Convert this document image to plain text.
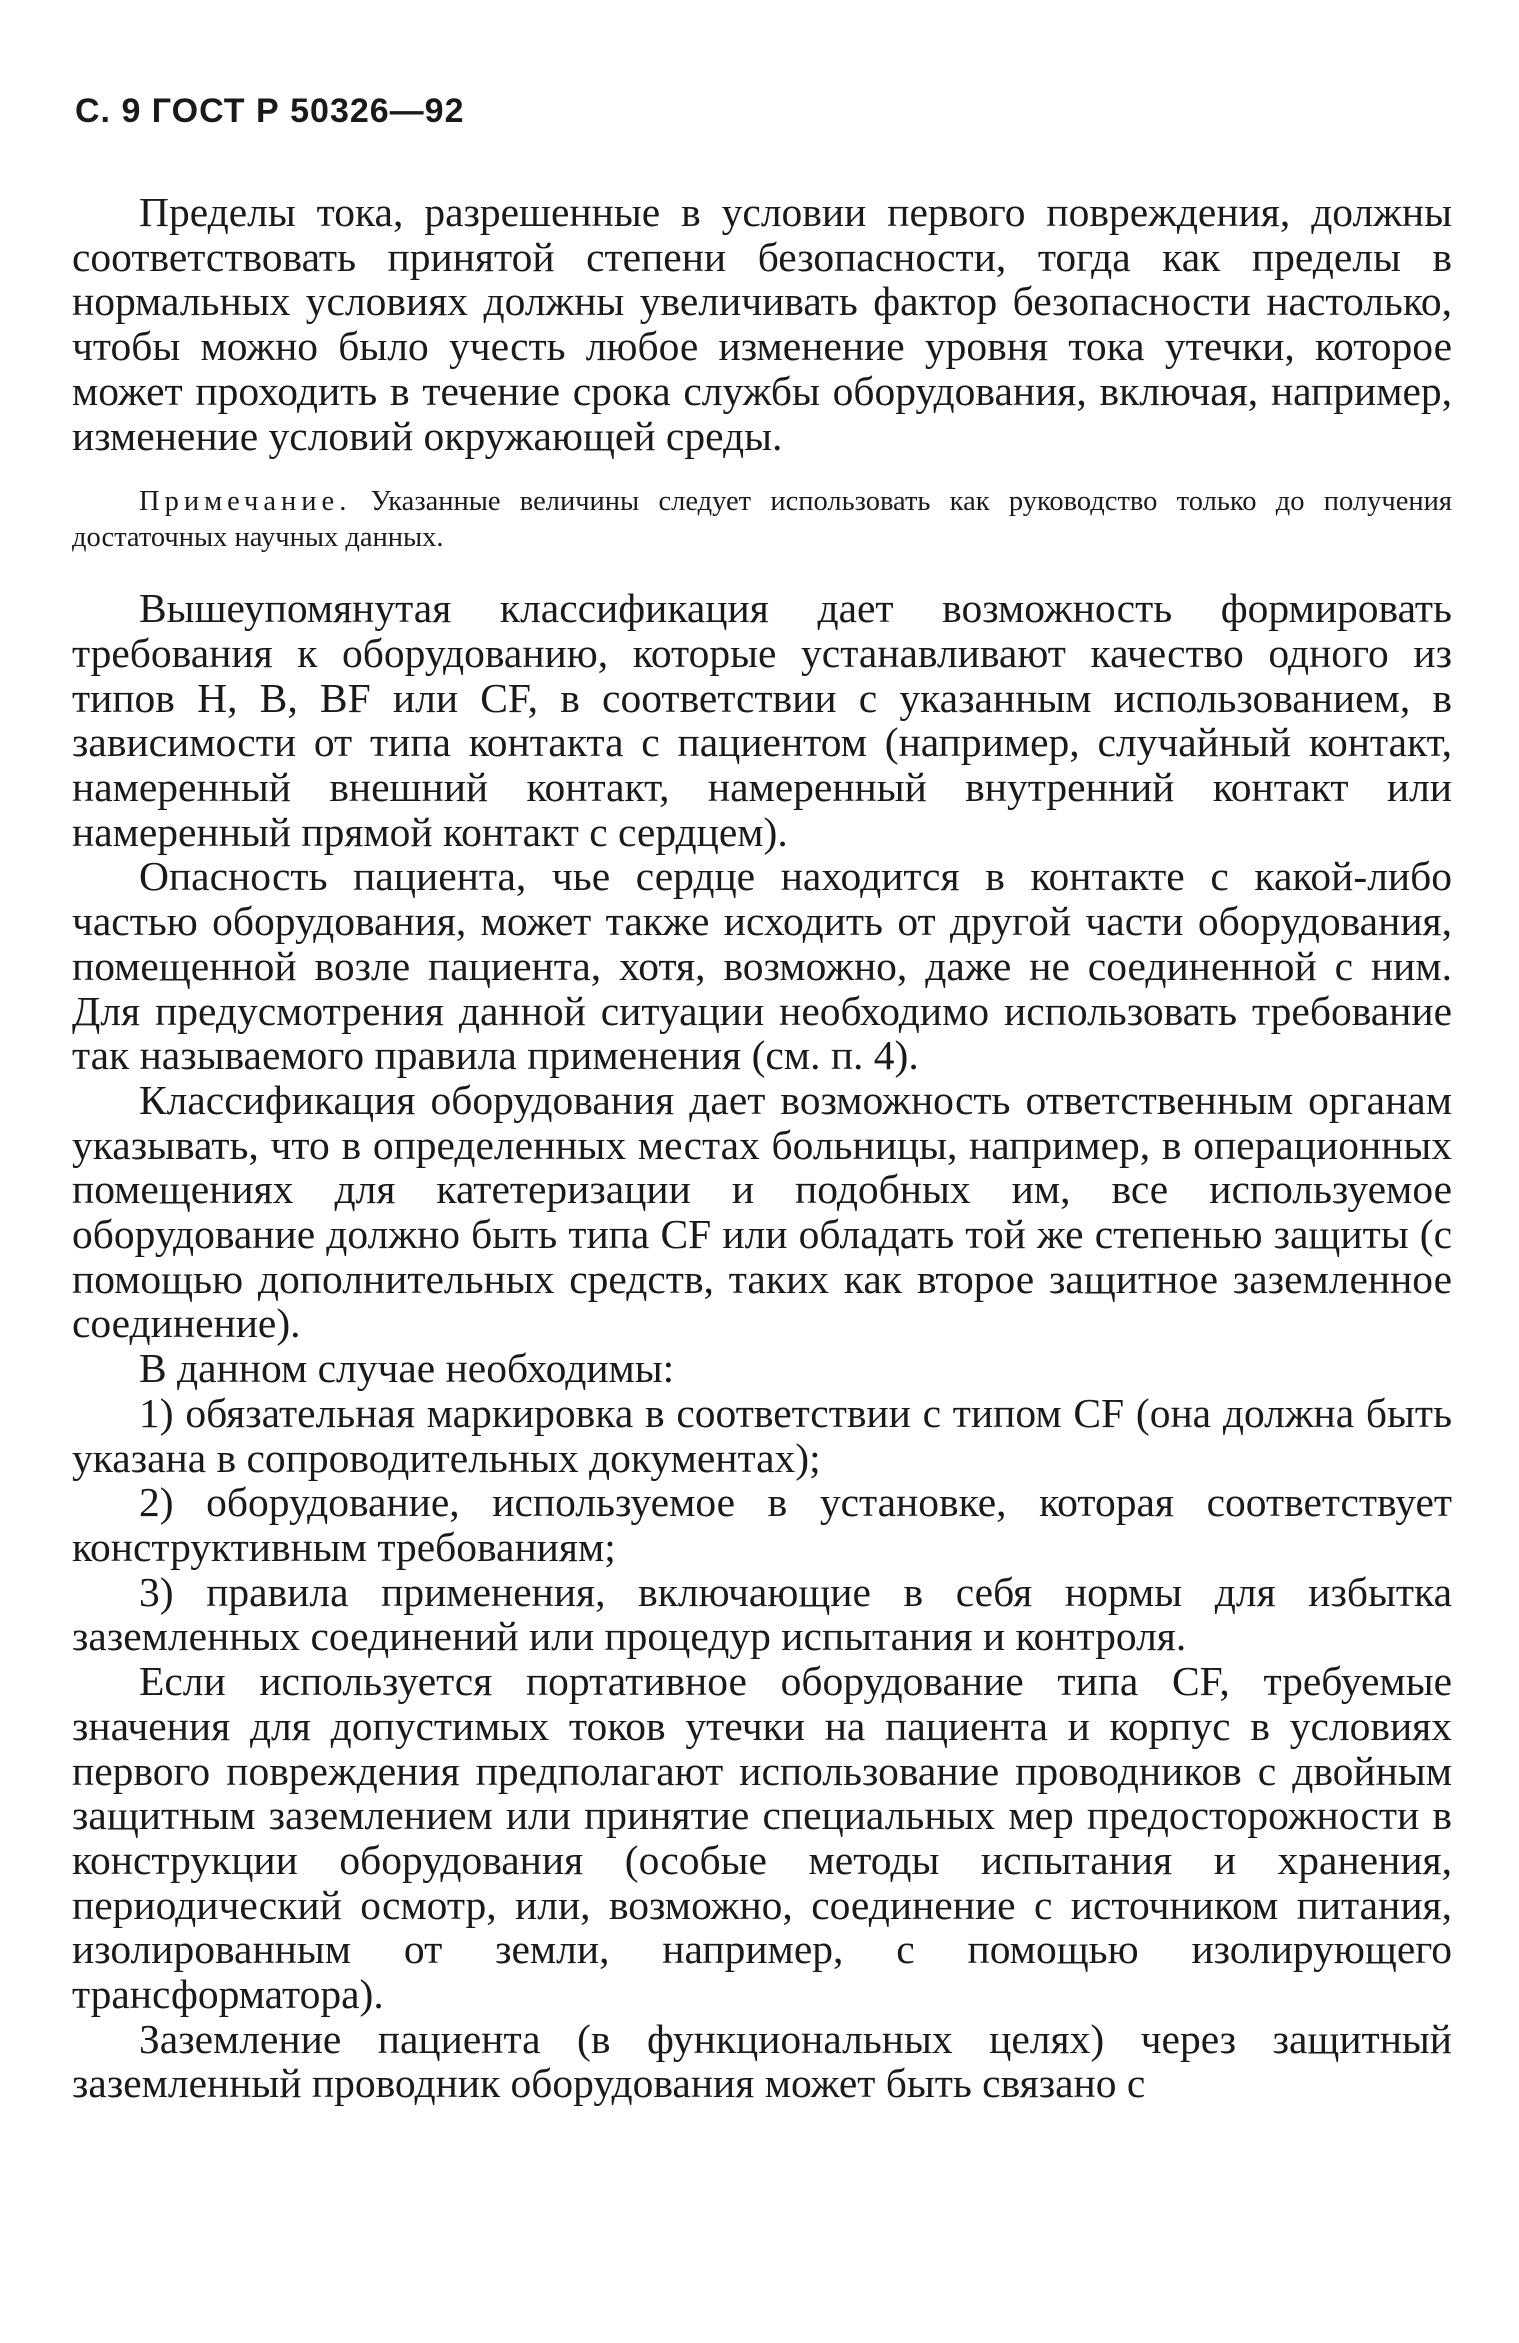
С. 9 ГОСТ Р 50326—92

Пределы тока, разрешенные в условии первого повреждения, должны соответствовать принятой степени безопасности, тогда как пределы в нормальных условиях должны увеличивать фактор безопасности настолько, чтобы можно было учесть любое изменение уровня тока утечки, которое может проходить в течение срока службы оборудования, включая, например, изменение условий окружающей среды.

Примечание. Указанные величины следует использовать как руководство только до получения достаточных научных данных.

Вышеупомянутая классификация дает возможность формировать требования к оборудованию, которые устанавливают качество одного из типов H, B, BF или CF, в соответствии с указанным использованием, в зависимости от типа контакта с пациентом (например, случайный контакт, намеренный внешний контакт, намеренный внутренний контакт или намеренный прямой контакт с сердцем).

Опасность пациента, чье сердце находится в контакте с какой-либо частью оборудования, может также исходить от другой части оборудования, помещенной возле пациента, хотя, возможно, даже не соединенной с ним. Для предусмотрения данной ситуации необходимо использовать требование так называемого правила применения (см. п. 4).

Классификация оборудования дает возможность ответственным органам указывать, что в определенных местах больницы, например, в операционных помещениях для катетеризации и подобных им, все используемое оборудование должно быть типа CF или обладать той же степенью защиты (с помощью дополнительных средств, таких как второе защитное заземленное соединение).

В данном случае необходимы:

1) обязательная маркировка в соответствии с типом CF (она должна быть указана в сопроводительных документах);

2) оборудование, используемое в установке, которая соответствует конструктивным требованиям;

3) правила применения, включающие в себя нормы для избытка заземленных соединений или процедур испытания и контроля.

Если используется портативное оборудование типа CF, требуемые значения для допустимых токов утечки на пациента и корпус в условиях первого повреждения предполагают использование проводников с двойным защитным заземлением или принятие специальных мер предосторожности в конструкции оборудования (особые методы испытания и хранения, периодический осмотр, или, возможно, соединение с источником питания, изолированным от земли, например, с помощью изолирующего трансформатора).

Заземление пациента (в функциональных целях) через защитный заземленный проводник оборудования может быть связано с
